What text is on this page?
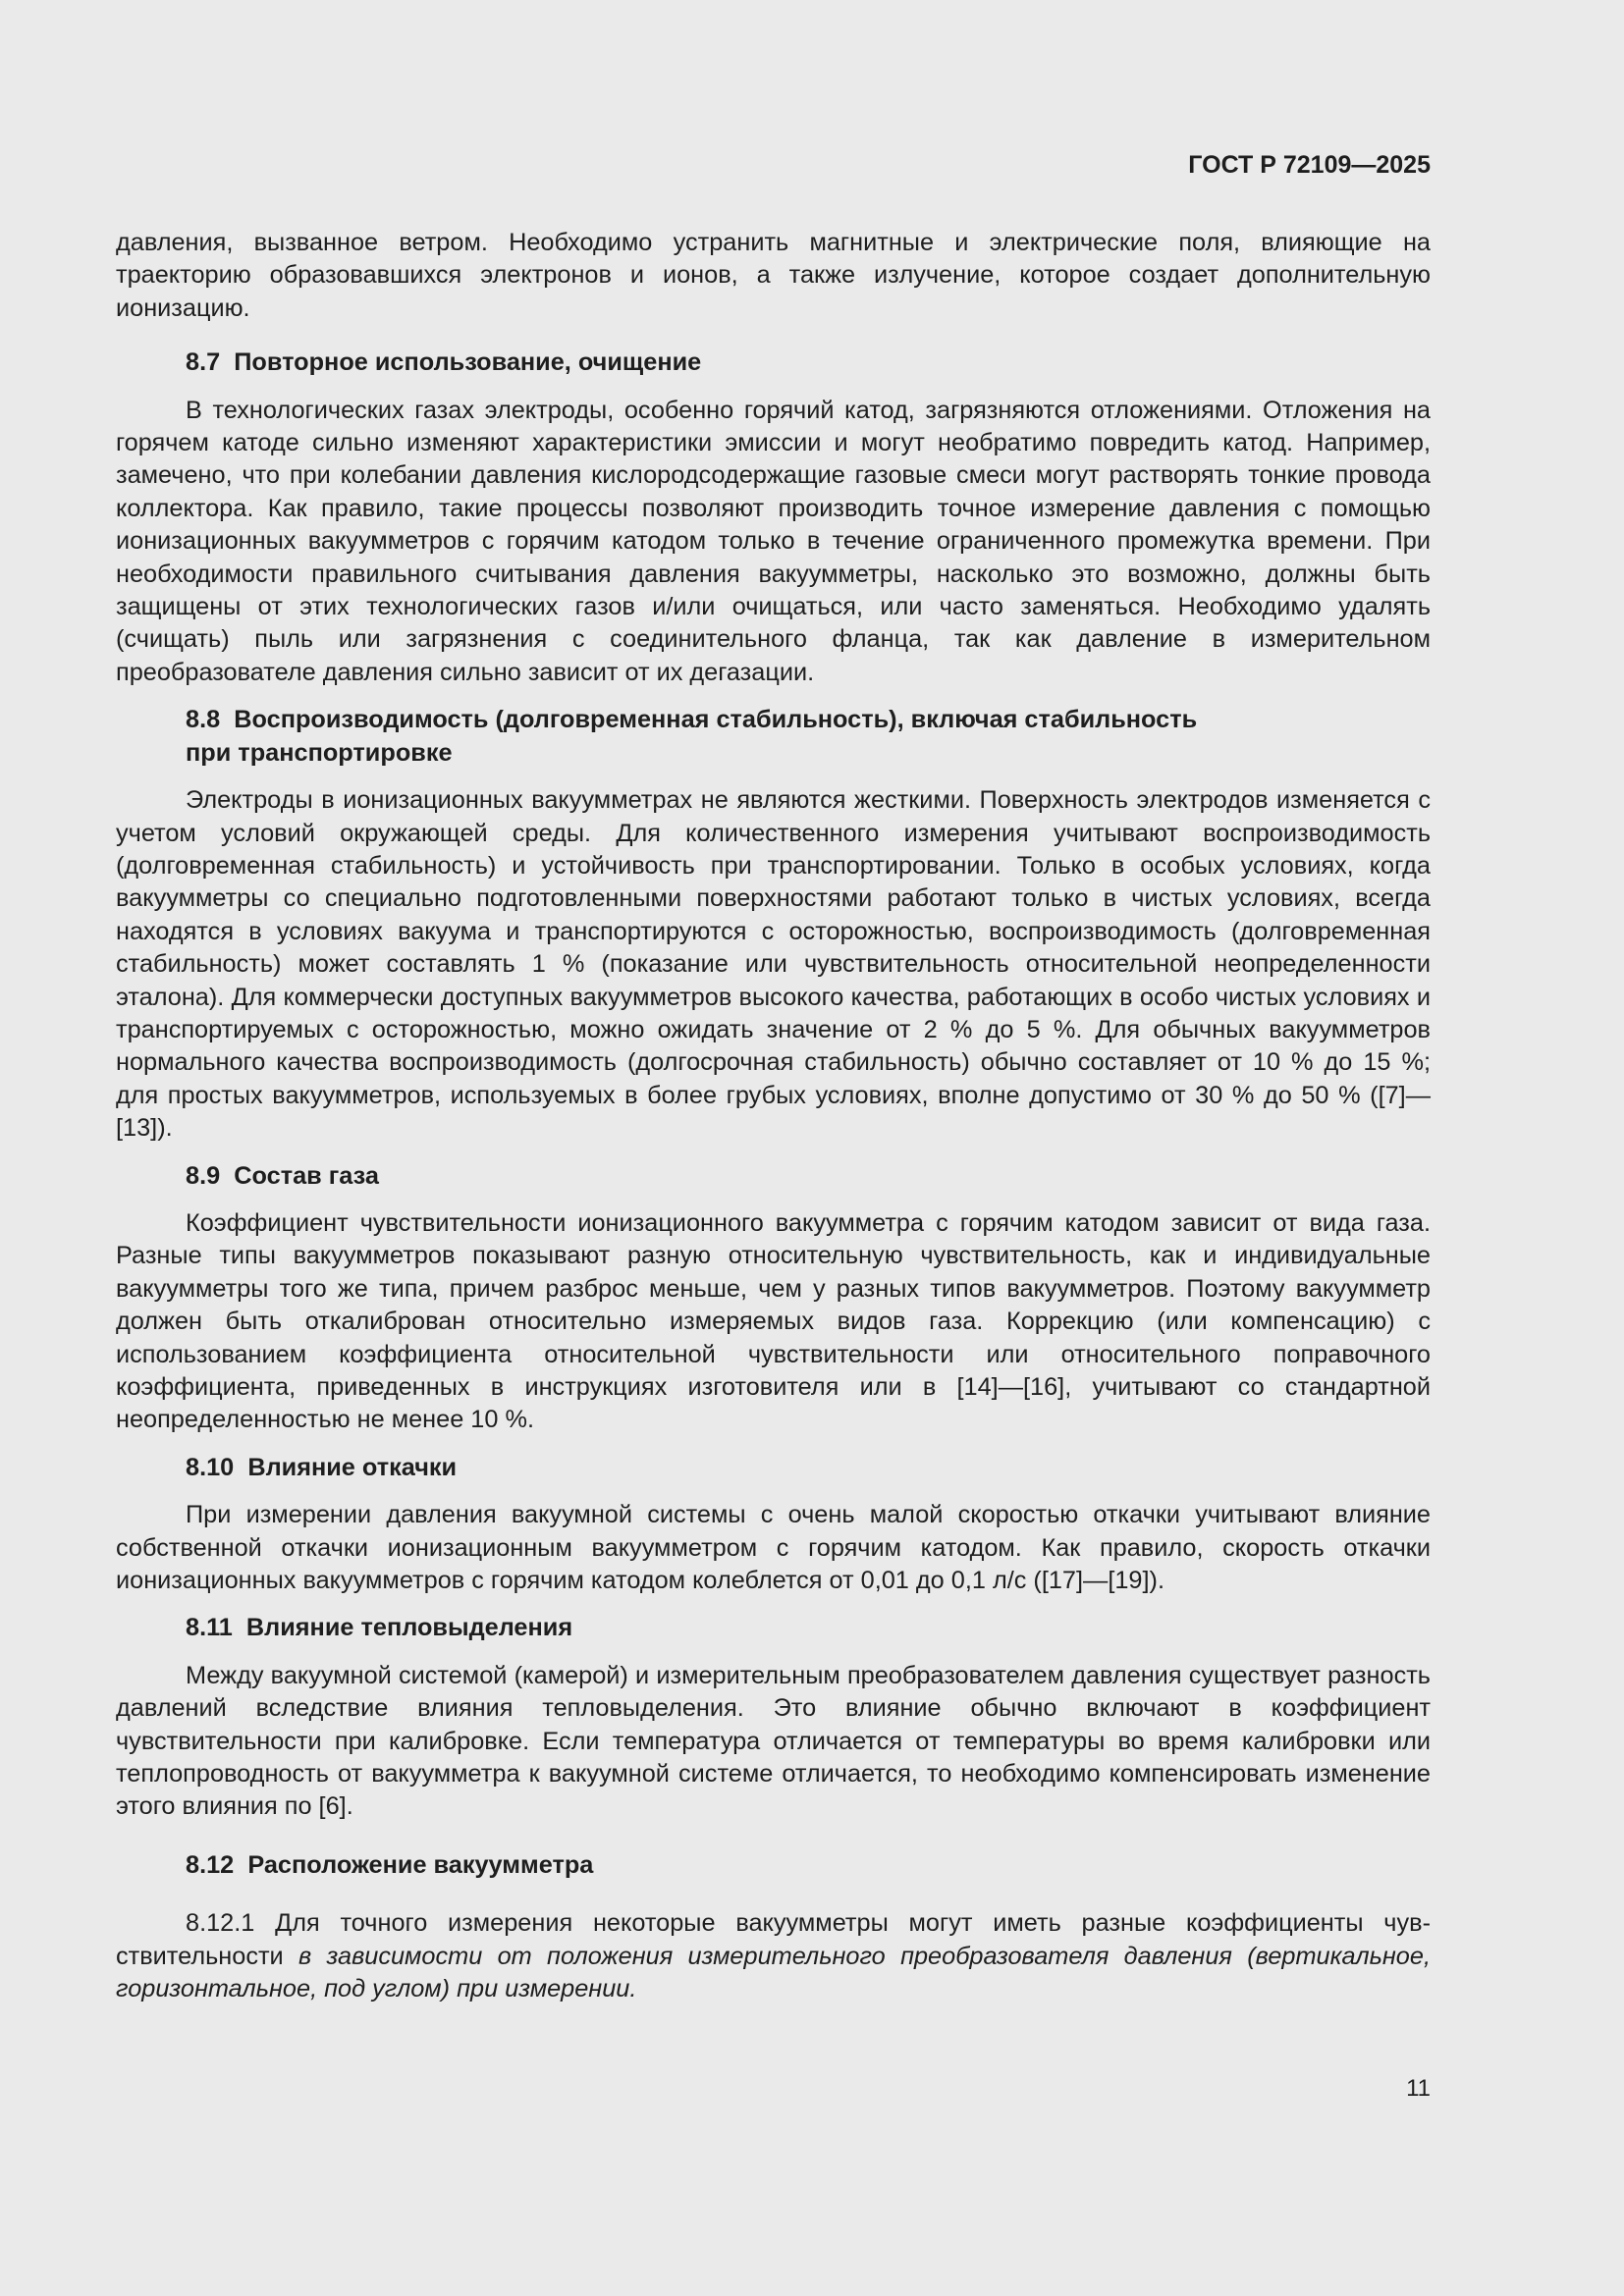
ГОСТ Р 72109—2025

давления, вызванное ветром. Необходимо устранить магнитные и электрические поля, влияющие на траекторию образовавшихся электронов и ионов, а также излучение, которое создает дополнительную ионизацию.

8.7 Повторное использование, очищение

В технологических газах электроды, особенно горячий катод, загрязняются отложениями. Отложения на горячем катоде сильно изменяют характеристики эмиссии и могут необратимо повредить катод. Например, замечено, что при колебании давления кислородсодержащие газовые смеси могут растворять тонкие провода коллектора. Как правило, такие процессы позволяют производить точное измерение давления с помощью ионизационных вакуумметров с горячим катодом только в течение ограниченного промежутка времени. При необходимости правильного считывания давления вакуумметры, насколько это возможно, должны быть защищены от этих технологических газов и/или очищаться, или часто заменяться. Необходимо удалять (счищать) пыль или загрязнения с соединительного фланца, так как давление в измерительном преобразователе давления сильно зависит от их дегазации.

8.8 Воспроизводимость (долговременная стабильность), включая стабильность
при транспортировке

Электроды в ионизационных вакуумметрах не являются жесткими. Поверхность электродов изменяется с учетом условий окружающей среды. Для количественного измерения учитывают воспроизводимость (долговременная стабильность) и устойчивость при транспортировании. Только в особых условиях, когда вакуумметры со специально подготовленными поверхностями работают только в чистых условиях, всегда находятся в условиях вакуума и транспортируются с осторожностью, воспроизводимость (долговременная стабильность) может составлять 1 % (показание или чувствительность относительной неопределенности эталона). Для коммерчески доступных вакуумметров высокого качества, работающих в особо чистых условиях и транспортируемых с осторожностью, можно ожидать значение от 2 % до 5 %. Для обычных вакуумметров нормального качества воспроизводимость (долгосрочная стабильность) обычно составляет от 10 % до 15 %; для простых вакуумметров, используемых в более грубых условиях, вполне допустимо от 30 % до 50 % ([7]—[13]).

8.9 Состав газа

Коэффициент чувствительности ионизационного вакуумметра с горячим катодом зависит от вида газа. Разные типы вакуумметров показывают разную относительную чувствительность, как и индивидуальные вакуумметры того же типа, причем разброс меньше, чем у разных типов вакуумметров. Поэтому вакуумметр должен быть откалиброван относительно измеряемых видов газа. Коррекцию (или компенсацию) с использованием коэффициента относительной чувствительности или относительного поправочного коэффициента, приведенных в инструкциях изготовителя или в [14]—[16], учитывают со стандартной неопределенностью не менее 10 %.

8.10 Влияние откачки

При измерении давления вакуумной системы с очень малой скоростью откачки учитывают влияние собственной откачки ионизационным вакуумметром с горячим катодом. Как правило, скорость откачки ионизационных вакуумметров с горячим катодом колеблется от 0,01 до 0,1 л/с ([17]—[19]).

8.11 Влияние тепловыделения

Между вакуумной системой (камерой) и измерительным преобразователем давления существует разность давлений вследствие влияния тепловыделения. Это влияние обычно включают в коэффициент чувствительности при калибровке. Если температура отличается от температуры во время калибровки или теплопроводность от вакуумметра к вакуумной системе отличается, то необходимо компенсировать изменение этого влияния по [6].

8.12 Расположение вакуумметра

8.12.1 Для точного измерения некоторые вакуумметры могут иметь разные коэффициенты чувствительности в зависимости от положения измерительного преобразователя давления (вертикальное, горизонтальное, под углом) при измерении.

11
